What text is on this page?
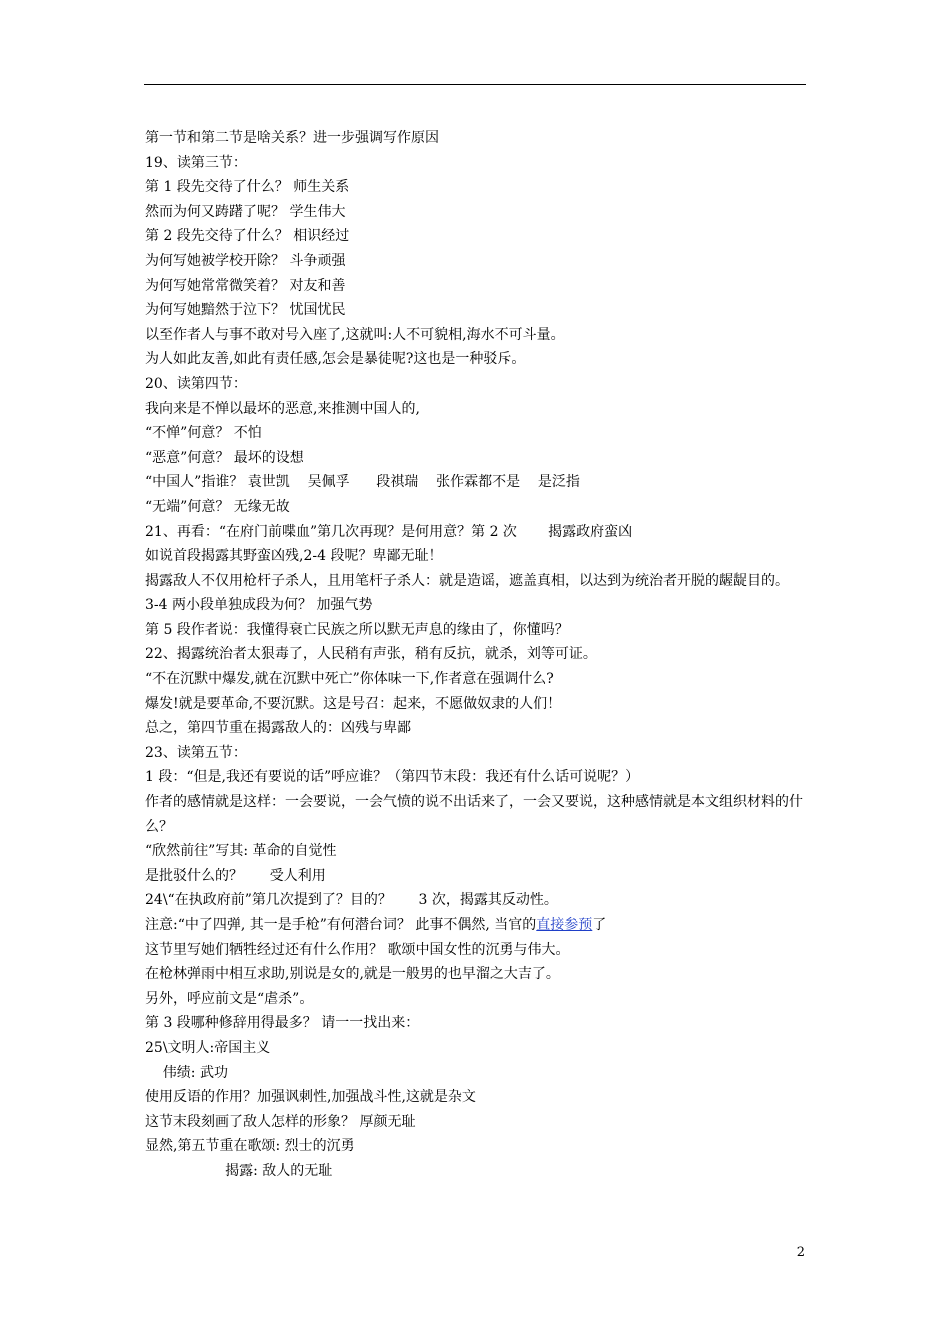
第一节和第二节是啥关系？进一步强调写作原因
19、读第三节：
第 1 段先交待了什么？ 师生关系
然而为何又踌躇了呢？ 学生伟大
第 2 段先交待了什么？ 相识经过
为何写她被学校开除？ 斗争顽强
为何写她常常微笑着？ 对友和善
为何写她黯然于泣下？ 忧国忧民
以至作者人与事不敢对号入座了,这就叫:人不可貌相,海水不可斗量。
为人如此友善,如此有责任感,怎会是暴徒呢?这也是一种驳斥。
20、读第四节：
我向来是不惮以最坏的恶意,来推测中国人的,
“不惮”何意？ 不怕
“恶意”何意？ 最坏的设想
“中国人”指谁？ 袁世凯    吴佩孚      段祺瑞    张作霖都不是    是泛指
“无端”何意？ 无缘无故
21、再看：“在府门前喋血”第几次再现？是何用意？第 2 次       揭露政府蛮凶
如说首段揭露其野蛮凶残,2-4 段呢？卑鄙无耻！
揭露敌人不仅用枪杆子杀人，且用笔杆子杀人：就是造谣，遮盖真相，以达到为统治者开脱的龌龊目的。
3-4 两小段单独成段为何？ 加强气势
第 5 段作者说：我懂得衰亡民族之所以默无声息的缘由了，你懂吗？
22、揭露统治者太狠毒了，人民稍有声张，稍有反抗，就杀，刘等可证。
“不在沉默中爆发,就在沉默中死亡”你体味一下,作者意在强调什么?
爆发!就是要革命,不要沉默。这是号召：起来，不愿做奴隶的人们！
总之，第四节重在揭露敌人的：凶残与卑鄙
23、读第五节：
1 段：“但是,我还有要说的话”呼应谁？（第四节末段：我还有什么话可说呢？）
作者的感情就是这样：一会要说，一会气愤的说不出话来了，一会又要说，这种感情就是本文组织材料的什么？
“欣然前往”写其: 革命的自觉性
是批驳什么的？      受人利用
24\“在执政府前”第几次提到了？目的？      3 次，揭露其反动性。
注意:“中了四弹, 其一是手枪”有何潜台词？ 此事不偶然, 当官的直接参预了
这节里写她们牺牲经过还有什么作用？ 歌颂中国女性的沉勇与伟大。
在枪林弹雨中相互求助,别说是女的,就是一般男的也早溜之大吉了。
另外，呼应前文是“虐杀”。
第 3 段哪种修辞用得最多？ 请一一找出来：
25\文明人:帝国主义
伟绩: 武功
使用反语的作用？加强讽刺性,加强战斗性,这就是杂文
这节末段刻画了敌人怎样的形象？ 厚颜无耻
显然,第五节重在歌颂: 烈士的沉勇
揭露: 敌人的无耻
2
